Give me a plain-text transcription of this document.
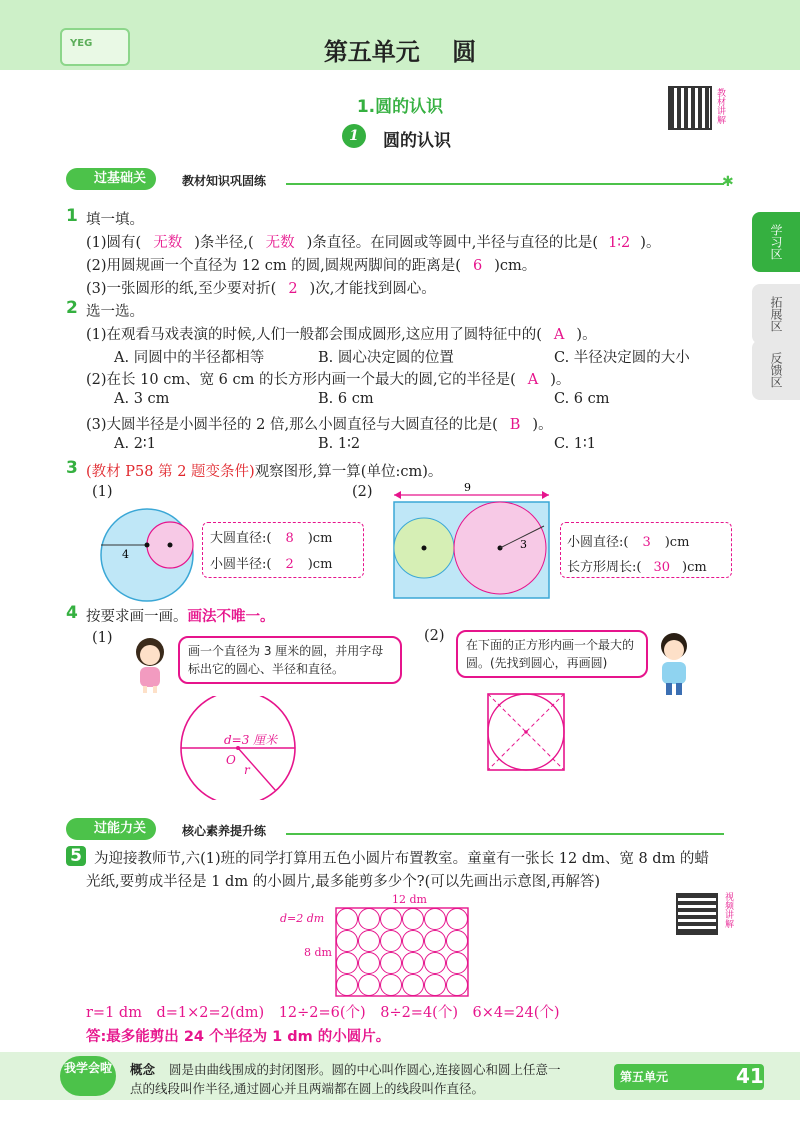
YEG	第五单元　 圆
1.圆的认识
1	圆的认识
教材讲解
学习区
拓展区
反馈区
过基础关	教材知识巩固练	✱
1 填一填。
(1)圆有( 无数 )条半径,( 无数 )条直径。在同圆或等圆中,半径与直径的比是( 1∶2 )。
(2)用圆规画一个直径为 12 cm 的圆,圆规两脚间的距离是( 6 )cm。
(3)一张圆形的纸,至少要对折( 2 )次,才能找到圆心。
2 选一选。
(1)在观看马戏表演的时候,人们一般都会围成圆形,这应用了圆特征中的( A )。
A. 同圆中的半径都相等	B. 圆心决定圆的位置	C. 半径决定圆的大小
(2)在长 10 cm、宽 6 cm 的长方形内画一个最大的圆,它的半径是( A )。
A. 3 cm	B. 6 cm	C. 6 cm
(3)大圆半径是小圆半径的 2 倍,那么小圆直径与大圆直径的比是( B )。
A. 2∶1	B. 1∶2	C. 1∶1
3 (教材 P58 第 2 题变条件)观察图形,算一算(单位:cm)。
(1)	(2)
4
大圆直径:( 8 )cm
小圆半径:( 2 )cm
9
3	小圆直径:( 3 )cm
长方形周长:( 30 )cm
4 按要求画一画。画法不唯一。
(1)	(2)
画一个直径为 3 厘米的圆，并用字母标出它的圆心、半径和直径。
在下面的正方形内画一个最大的圆。(先找到圆心，再画圆)
d=3 厘米
O
r
过能力关	核心素养提升练
5 为迎接教师节,六(1)班的同学打算用五色小圆片布置教室。童童有一张长 12 dm、宽 8 dm 的蜡
光纸,要剪成半径是 1 dm 的小圆片,最多能剪多少个?(可以先画出示意图,再解答)
12 dm
d=2 dm
8 dm
视频讲解
r=1 dm　d=1×2=2(dm)　12÷2=6(个)　8÷2=4(个)　6×4=24(个)
答:最多能剪出 24 个半径为 1 dm 的小圆片。
我学会啦	概念 圆是由曲线围成的封闭图形。圆的中心叫作圆心,连接圆心和圆上任意一
点的线段叫作半径,通过圆心并且两端都在圆上的线段叫作直径。
第五单元	41
